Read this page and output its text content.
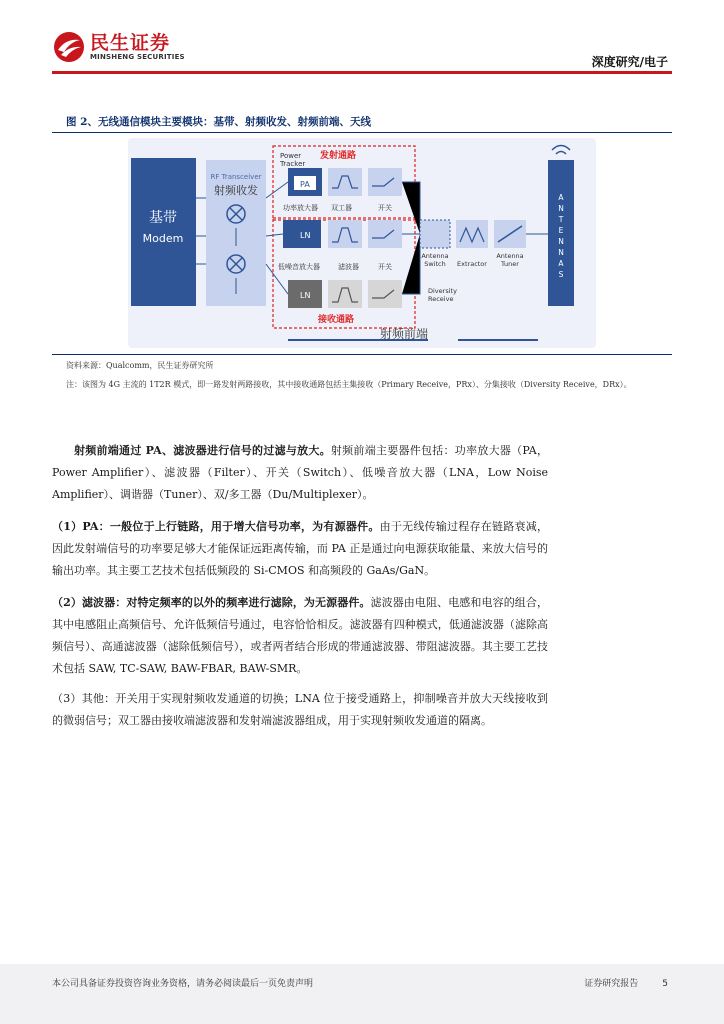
民生证券
MINSHENG SECURITIES	深度研究/电子
图 2、无线通信模块主要模块：基带、射频收发、射频前端、天线
基带
Modem
RF Transceiver
射频收发
Power
Tracker
发射通路
PA
功率放大器 双工器	开关
LN
低噪音放大器	滤波器	开关
LN
接收通路
Antenna
Switch Extractor
Antenna
Tuner
Diversity
Receive
A
N
T
E
N
N
A
S
射频前端
资料来源：Qualcomm，民生证券研究所
注：该图为 4G 主流的 1T2R 模式，即一路发射两路接收，其中接收通路包括主集接收（Primary Receive，PRx）、分集接收（Diversity Receive，DRx）。
射频前端通过 PA、滤波器进行信号的过滤与放大。射频前端主要器件包括：功率放大器（PA，Power Amplifier）、滤波器（Filter）、开关（Switch）、低噪音放大器（LNA，Low Noise Amplifier）、调谐器（Tuner）、双/多工器（Du/Multiplexer）。
（1）PA：一般位于上行链路，用于增大信号功率，为有源器件。由于无线传输过程存在链路衰减，因此发射端信号的功率要足够大才能保证远距离传输，而 PA 正是通过向电源获取能量、来放大信号的输出功率。其主要工艺技术包括低频段的 Si-CMOS 和高频段的 GaAs/GaN。
（2）滤波器：对特定频率的以外的频率进行滤除，为无源器件。滤波器由电阻、电感和电容的组合，其中电感阻止高频信号、允许低频信号通过，电容恰恰相反。滤波器有四种模式，低通滤波器（滤除高频信号）、高通滤波器（滤除低频信号），或者两者结合形成的带通滤波器、带阻滤波器。其主要工艺技术包括 SAW, TC-SAW, BAW-FBAR, BAW-SMR。
（3）其他：开关用于实现射频收发通道的切换；LNA 位于接受通路上，抑制噪音并放大天线接收到的微弱信号；双工器由接收端滤波器和发射端滤波器组成，用于实现射频收发通道的隔离。
本公司具备证券投资咨询业务资格，请务必阅读最后一页免责声明	证券研究报告	5
